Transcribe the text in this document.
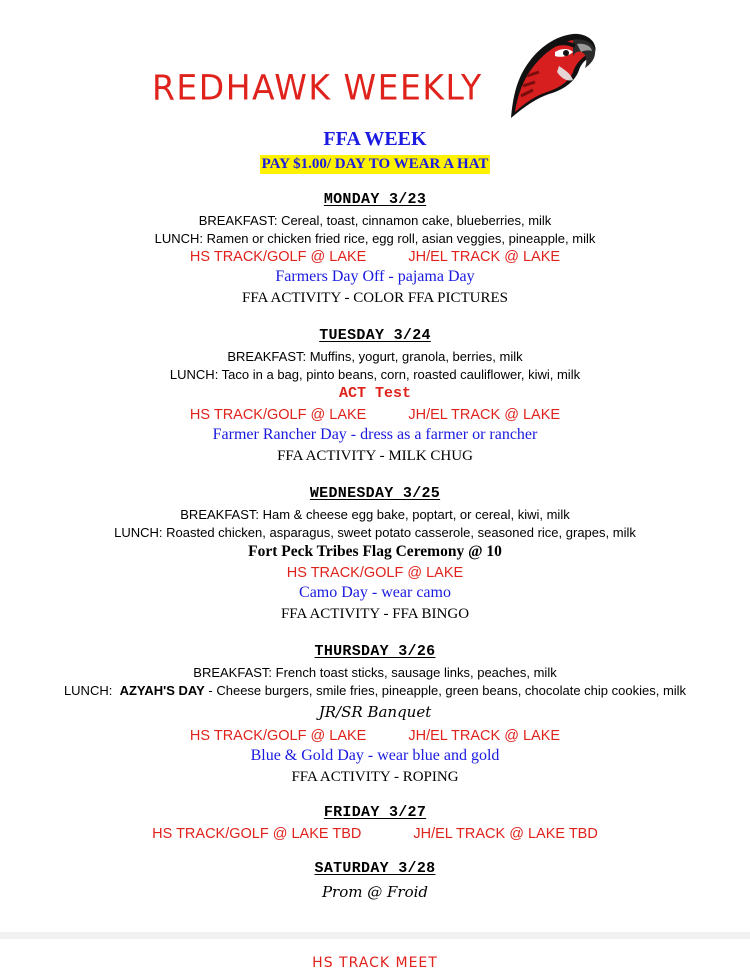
REDHAWK WEEKLY
FFA WEEK
PAY $1.00/ DAY TO WEAR A HAT
MONDAY 3/23
BREAKFAST: Cereal, toast, cinnamon cake, blueberries, milk
LUNCH: Ramen or chicken fried rice, egg roll, asian veggies, pineapple, milk
HS TRACK/GOLF @ LAKE	JH/EL TRACK @ LAKE
Farmers Day Off - pajama Day
FFA ACTIVITY - COLOR FFA PICTURES
TUESDAY 3/24
BREAKFAST: Muffins, yogurt, granola, berries, milk
LUNCH: Taco in a bag, pinto beans, corn, roasted cauliflower, kiwi, milk
ACT Test
HS TRACK/GOLF @ LAKE	JH/EL TRACK @ LAKE
Farmer Rancher Day - dress as a farmer or rancher
FFA ACTIVITY - MILK CHUG
WEDNESDAY 3/25
BREAKFAST: Ham & cheese egg bake, poptart, or cereal, kiwi, milk
LUNCH: Roasted chicken, asparagus, sweet potato casserole, seasoned rice, grapes, milk
Fort Peck Tribes Flag Ceremony @ 10
HS TRACK/GOLF @ LAKE
Camo Day - wear camo
FFA ACTIVITY - FFA BINGO
THURSDAY 3/26
BREAKFAST: French toast sticks, sausage links, peaches, milk
LUNCH: AZYAH'S DAY - Cheese burgers, smile fries, pineapple, green beans, chocolate chip cookies, milk
JR/SR Banquet
HS TRACK/GOLF @ LAKE	JH/EL TRACK @ LAKE
Blue & Gold Day - wear blue and gold
FFA ACTIVITY - ROPING
FRIDAY 3/27
HS TRACK/GOLF @ LAKE TBD	JH/EL TRACK @ LAKE TBD
SATURDAY 3/28
Prom @ Froid
HS TRACK MEET
